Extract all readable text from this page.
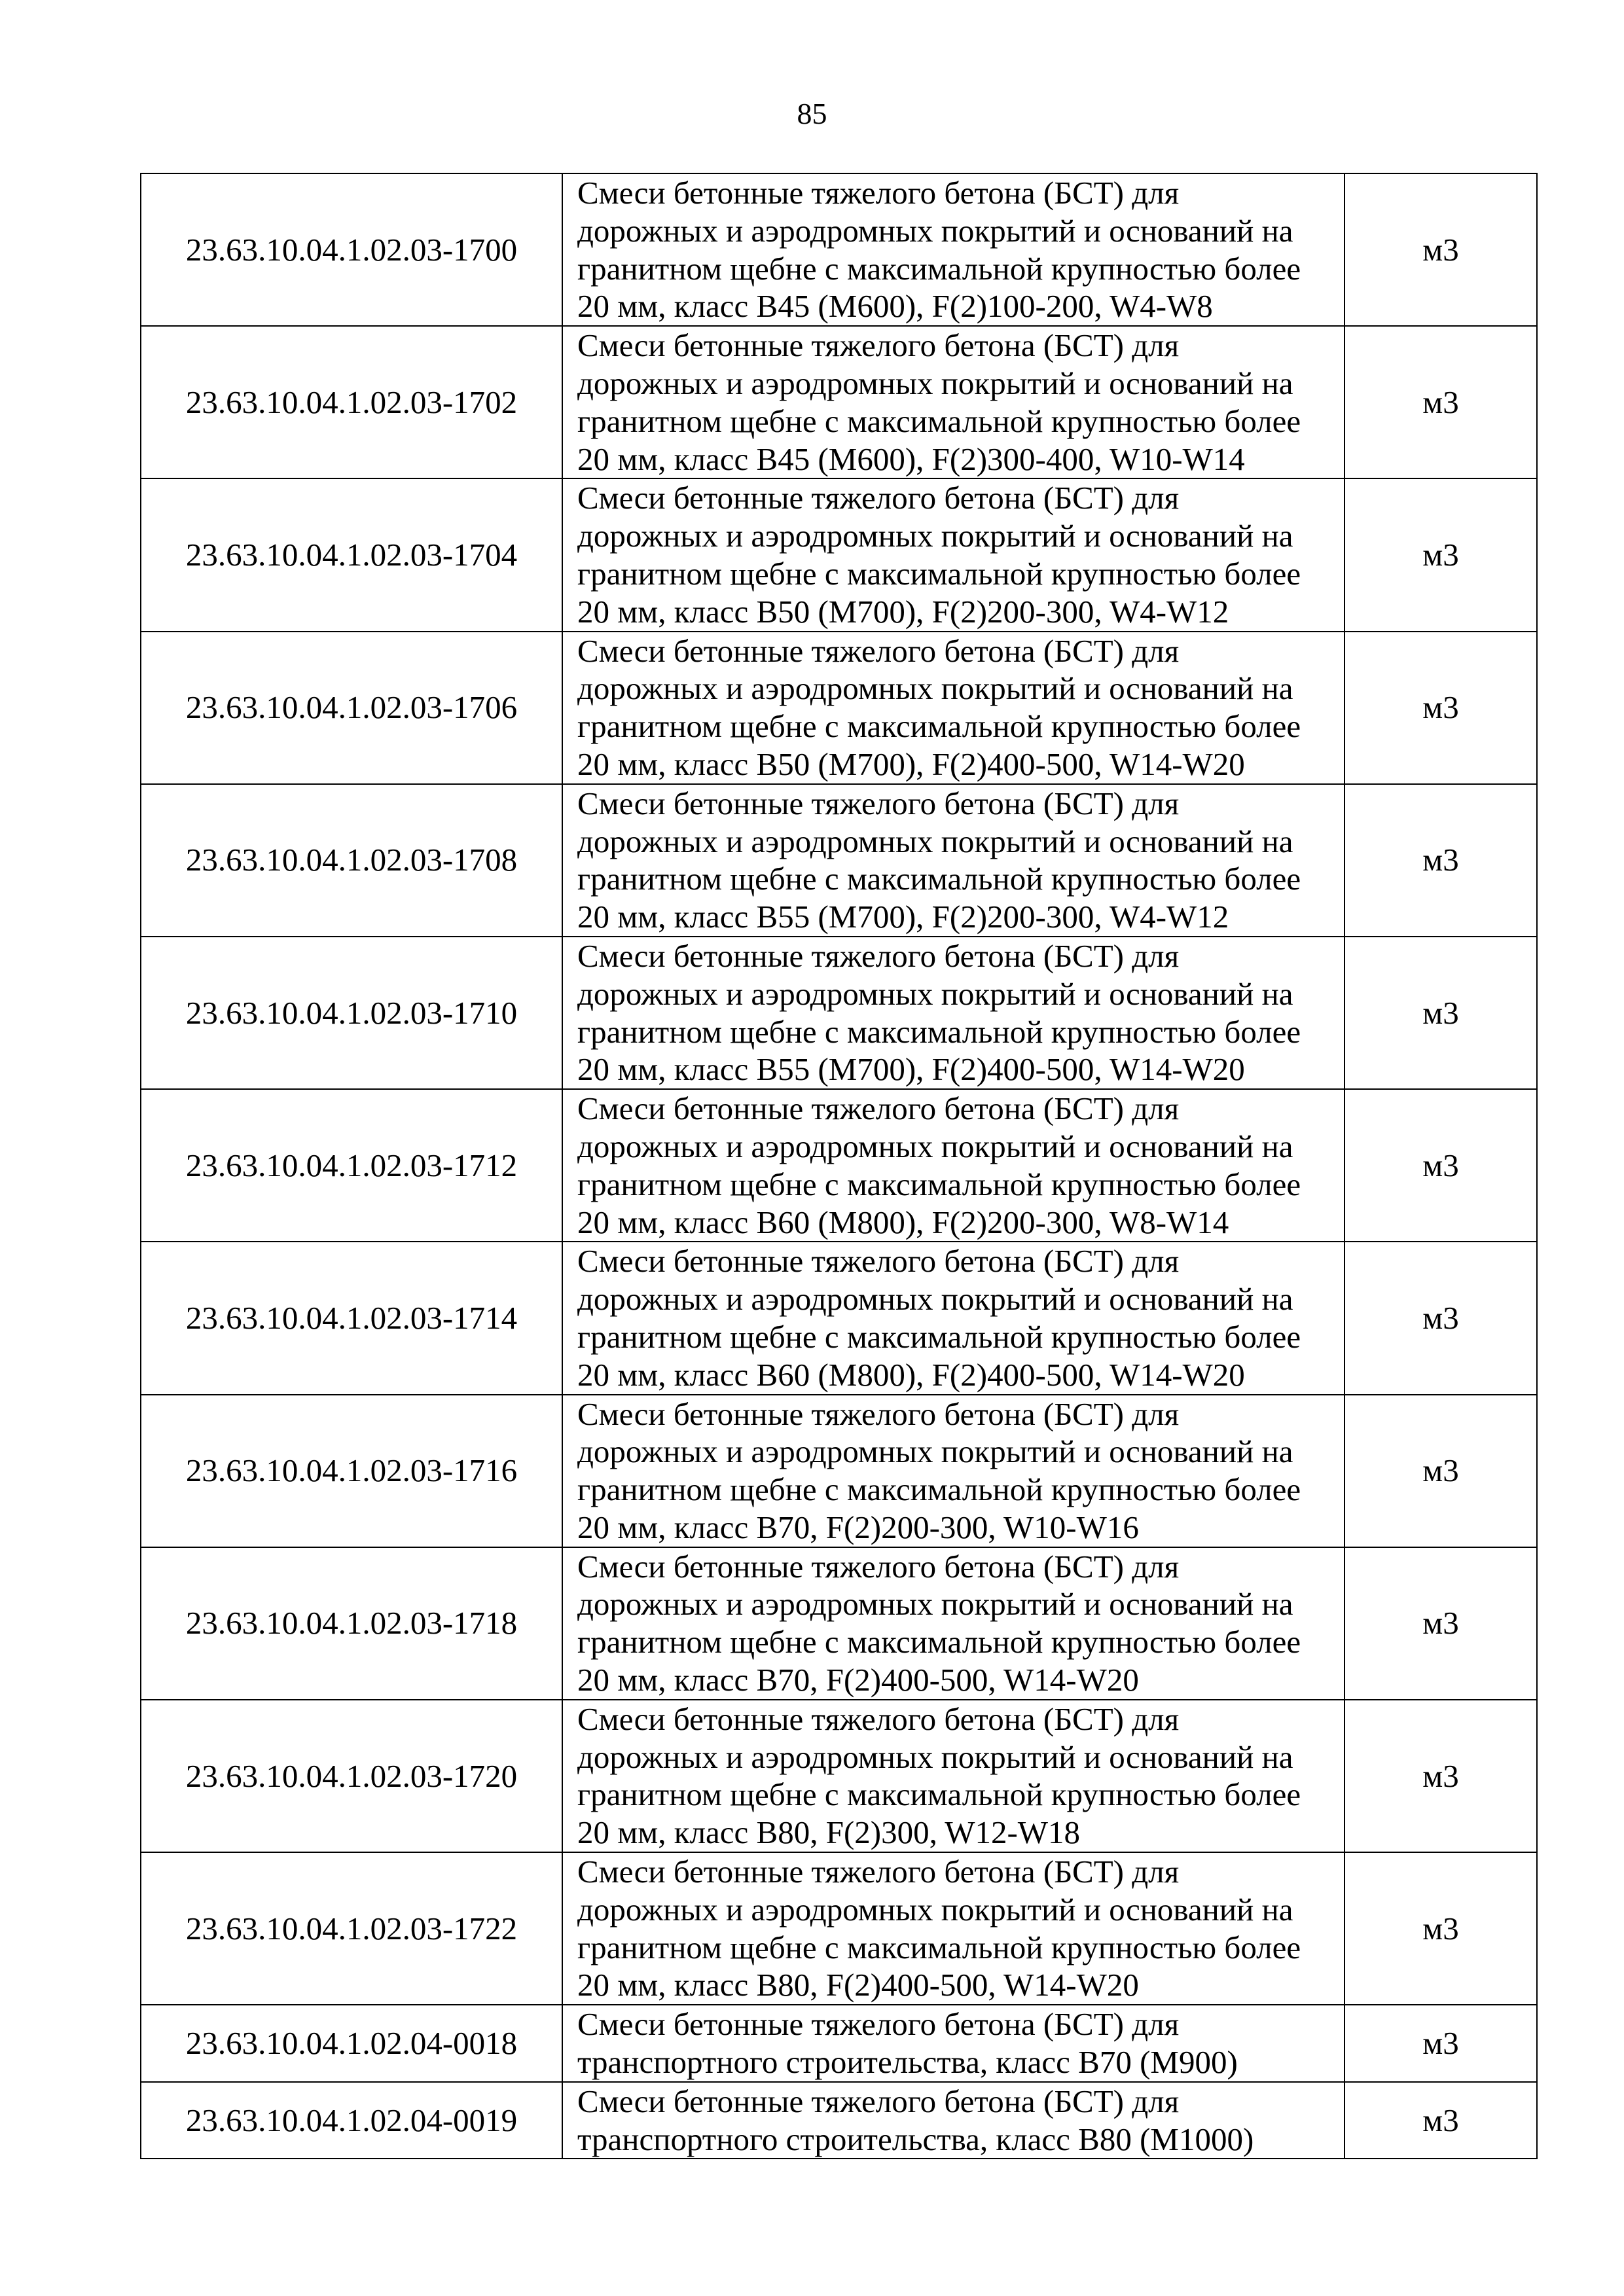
85
23.63.10.04.1.02.03-1700	Смеси бетонные тяжелого бетона (БСТ) для
дорожных и аэродромных покрытий и оснований на
гранитном щебне с максимальной крупностью более
20 мм, класс B45 (M600), F(2)100-200, W4-W8	м3
23.63.10.04.1.02.03-1702	Смеси бетонные тяжелого бетона (БСТ) для
дорожных и аэродромных покрытий и оснований на
гранитном щебне с максимальной крупностью более
20 мм, класс B45 (M600), F(2)300-400, W10-W14	м3
23.63.10.04.1.02.03-1704	Смеси бетонные тяжелого бетона (БСТ) для
дорожных и аэродромных покрытий и оснований на
гранитном щебне с максимальной крупностью более
20 мм, класс B50 (M700), F(2)200-300, W4-W12	м3
23.63.10.04.1.02.03-1706	Смеси бетонные тяжелого бетона (БСТ) для
дорожных и аэродромных покрытий и оснований на
гранитном щебне с максимальной крупностью более
20 мм, класс B50 (M700), F(2)400-500, W14-W20	м3
23.63.10.04.1.02.03-1708	Смеси бетонные тяжелого бетона (БСТ) для
дорожных и аэродромных покрытий и оснований на
гранитном щебне с максимальной крупностью более
20 мм, класс B55 (M700), F(2)200-300, W4-W12	м3
23.63.10.04.1.02.03-1710	Смеси бетонные тяжелого бетона (БСТ) для
дорожных и аэродромных покрытий и оснований на
гранитном щебне с максимальной крупностью более
20 мм, класс B55 (M700), F(2)400-500, W14-W20	м3
23.63.10.04.1.02.03-1712	Смеси бетонные тяжелого бетона (БСТ) для
дорожных и аэродромных покрытий и оснований на
гранитном щебне с максимальной крупностью более
20 мм, класс B60 (M800), F(2)200-300, W8-W14	м3
23.63.10.04.1.02.03-1714	Смеси бетонные тяжелого бетона (БСТ) для
дорожных и аэродромных покрытий и оснований на
гранитном щебне с максимальной крупностью более
20 мм, класс B60 (M800), F(2)400-500, W14-W20	м3
23.63.10.04.1.02.03-1716	Смеси бетонные тяжелого бетона (БСТ) для
дорожных и аэродромных покрытий и оснований на
гранитном щебне с максимальной крупностью более
20 мм, класс B70, F(2)200-300, W10-W16	м3
23.63.10.04.1.02.03-1718	Смеси бетонные тяжелого бетона (БСТ) для
дорожных и аэродромных покрытий и оснований на
гранитном щебне с максимальной крупностью более
20 мм, класс B70, F(2)400-500, W14-W20	м3
23.63.10.04.1.02.03-1720	Смеси бетонные тяжелого бетона (БСТ) для
дорожных и аэродромных покрытий и оснований на
гранитном щебне с максимальной крупностью более
20 мм, класс B80, F(2)300, W12-W18	м3
23.63.10.04.1.02.03-1722	Смеси бетонные тяжелого бетона (БСТ) для
дорожных и аэродромных покрытий и оснований на
гранитном щебне с максимальной крупностью более
20 мм, класс B80, F(2)400-500, W14-W20	м3
23.63.10.04.1.02.04-0018	Смеси бетонные тяжелого бетона (БСТ) для
транспортного строительства, класс B70 (M900)	м3
23.63.10.04.1.02.04-0019	Смеси бетонные тяжелого бетона (БСТ) для
транспортного строительства, класс B80 (M1000)	м3
